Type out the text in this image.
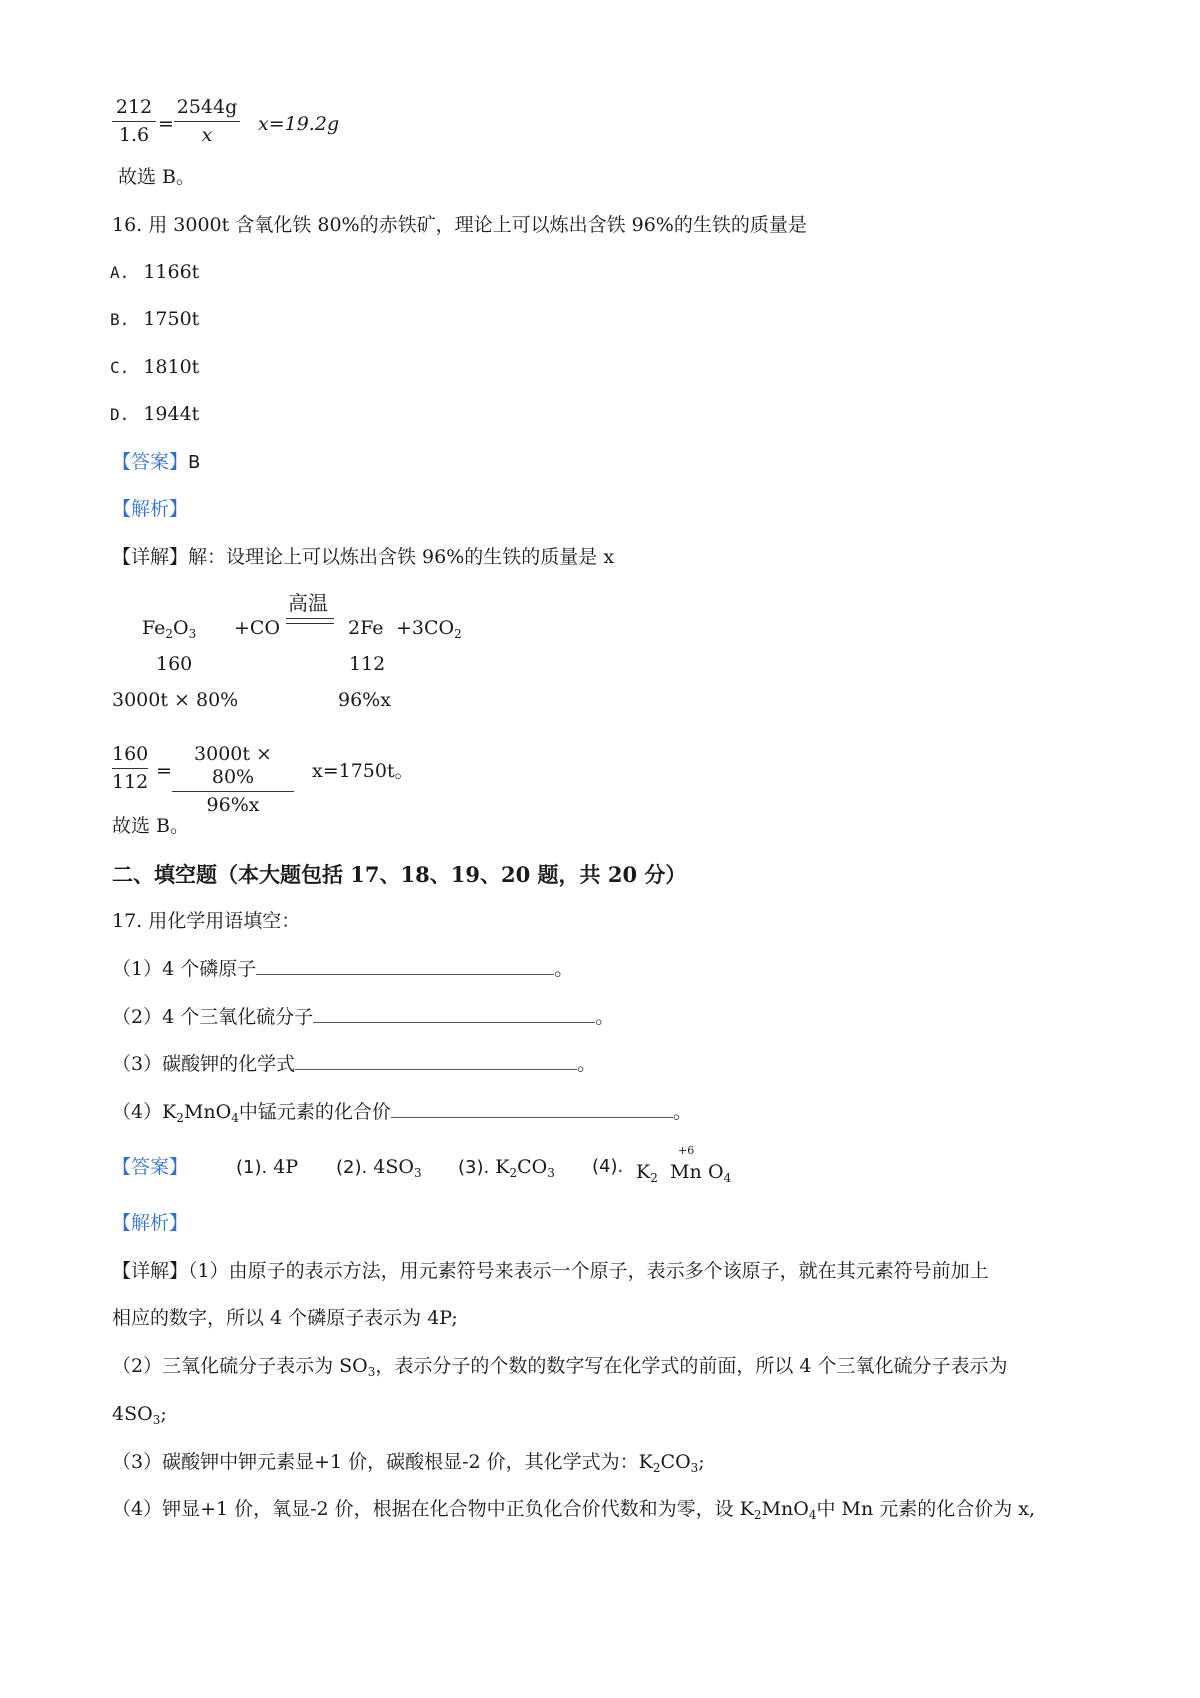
212
1.6 =
2544g
x	x=19.2g
故选 B。
16. 用 3000t 含氧化铁 80%的赤铁矿，理论上可以炼出含铁 96%的生铁的质量是
A. 1166t
B. 1750t
C. 1810t
D. 1944t
【答案】B
【解析】
【详解】解：设理论上可以炼出含铁 96%的生铁的质量是 x
$Fe_2O_3 +CO$
高温
$2Fe +3CO_2$
160	112
3000t × 80%	96%x
160
112 =
3000t × 80%
96%x
x=1750t。
故选 B。
二、填空题（本大题包括 17、18、19、20 题，共 20 分）
17. 用化学用语填空：
（1）4 个磷原子	。
（2）4 个三氧化硫分子	。
（3）碳酸钾的化学式	。
$(4)K_2MnO_4$中锰元素的化合价	。
【答案】	(1). 4P (2). $4SO_3$ (3). $K_2CO_3$ (4). $K_2$
+6
Mn $O_4$
【解析】
【详解】（1）由原子的表示方法，用元素符号来表示一个原子，表示多个该原子，就在其元素符号前加上
相应的数字，所以 4 个磷原子表示为 4P;
（2）三氧化硫分子表示为 $SO_3$，表示分子的个数的数字写在化学式的前面，所以 4 个三氧化硫分子表示为
$4SO_3$;
（3）碳酸钾中钾元素显+1 价，碳酸根显-2 价，其化学式为：$K_2CO_3$;
（4）钾显+1 价，氧显-2 价，根据在化合物中正负化合价代数和为零，设 $K_2MnO_4$中 Mn 元素的化合价为 x,
